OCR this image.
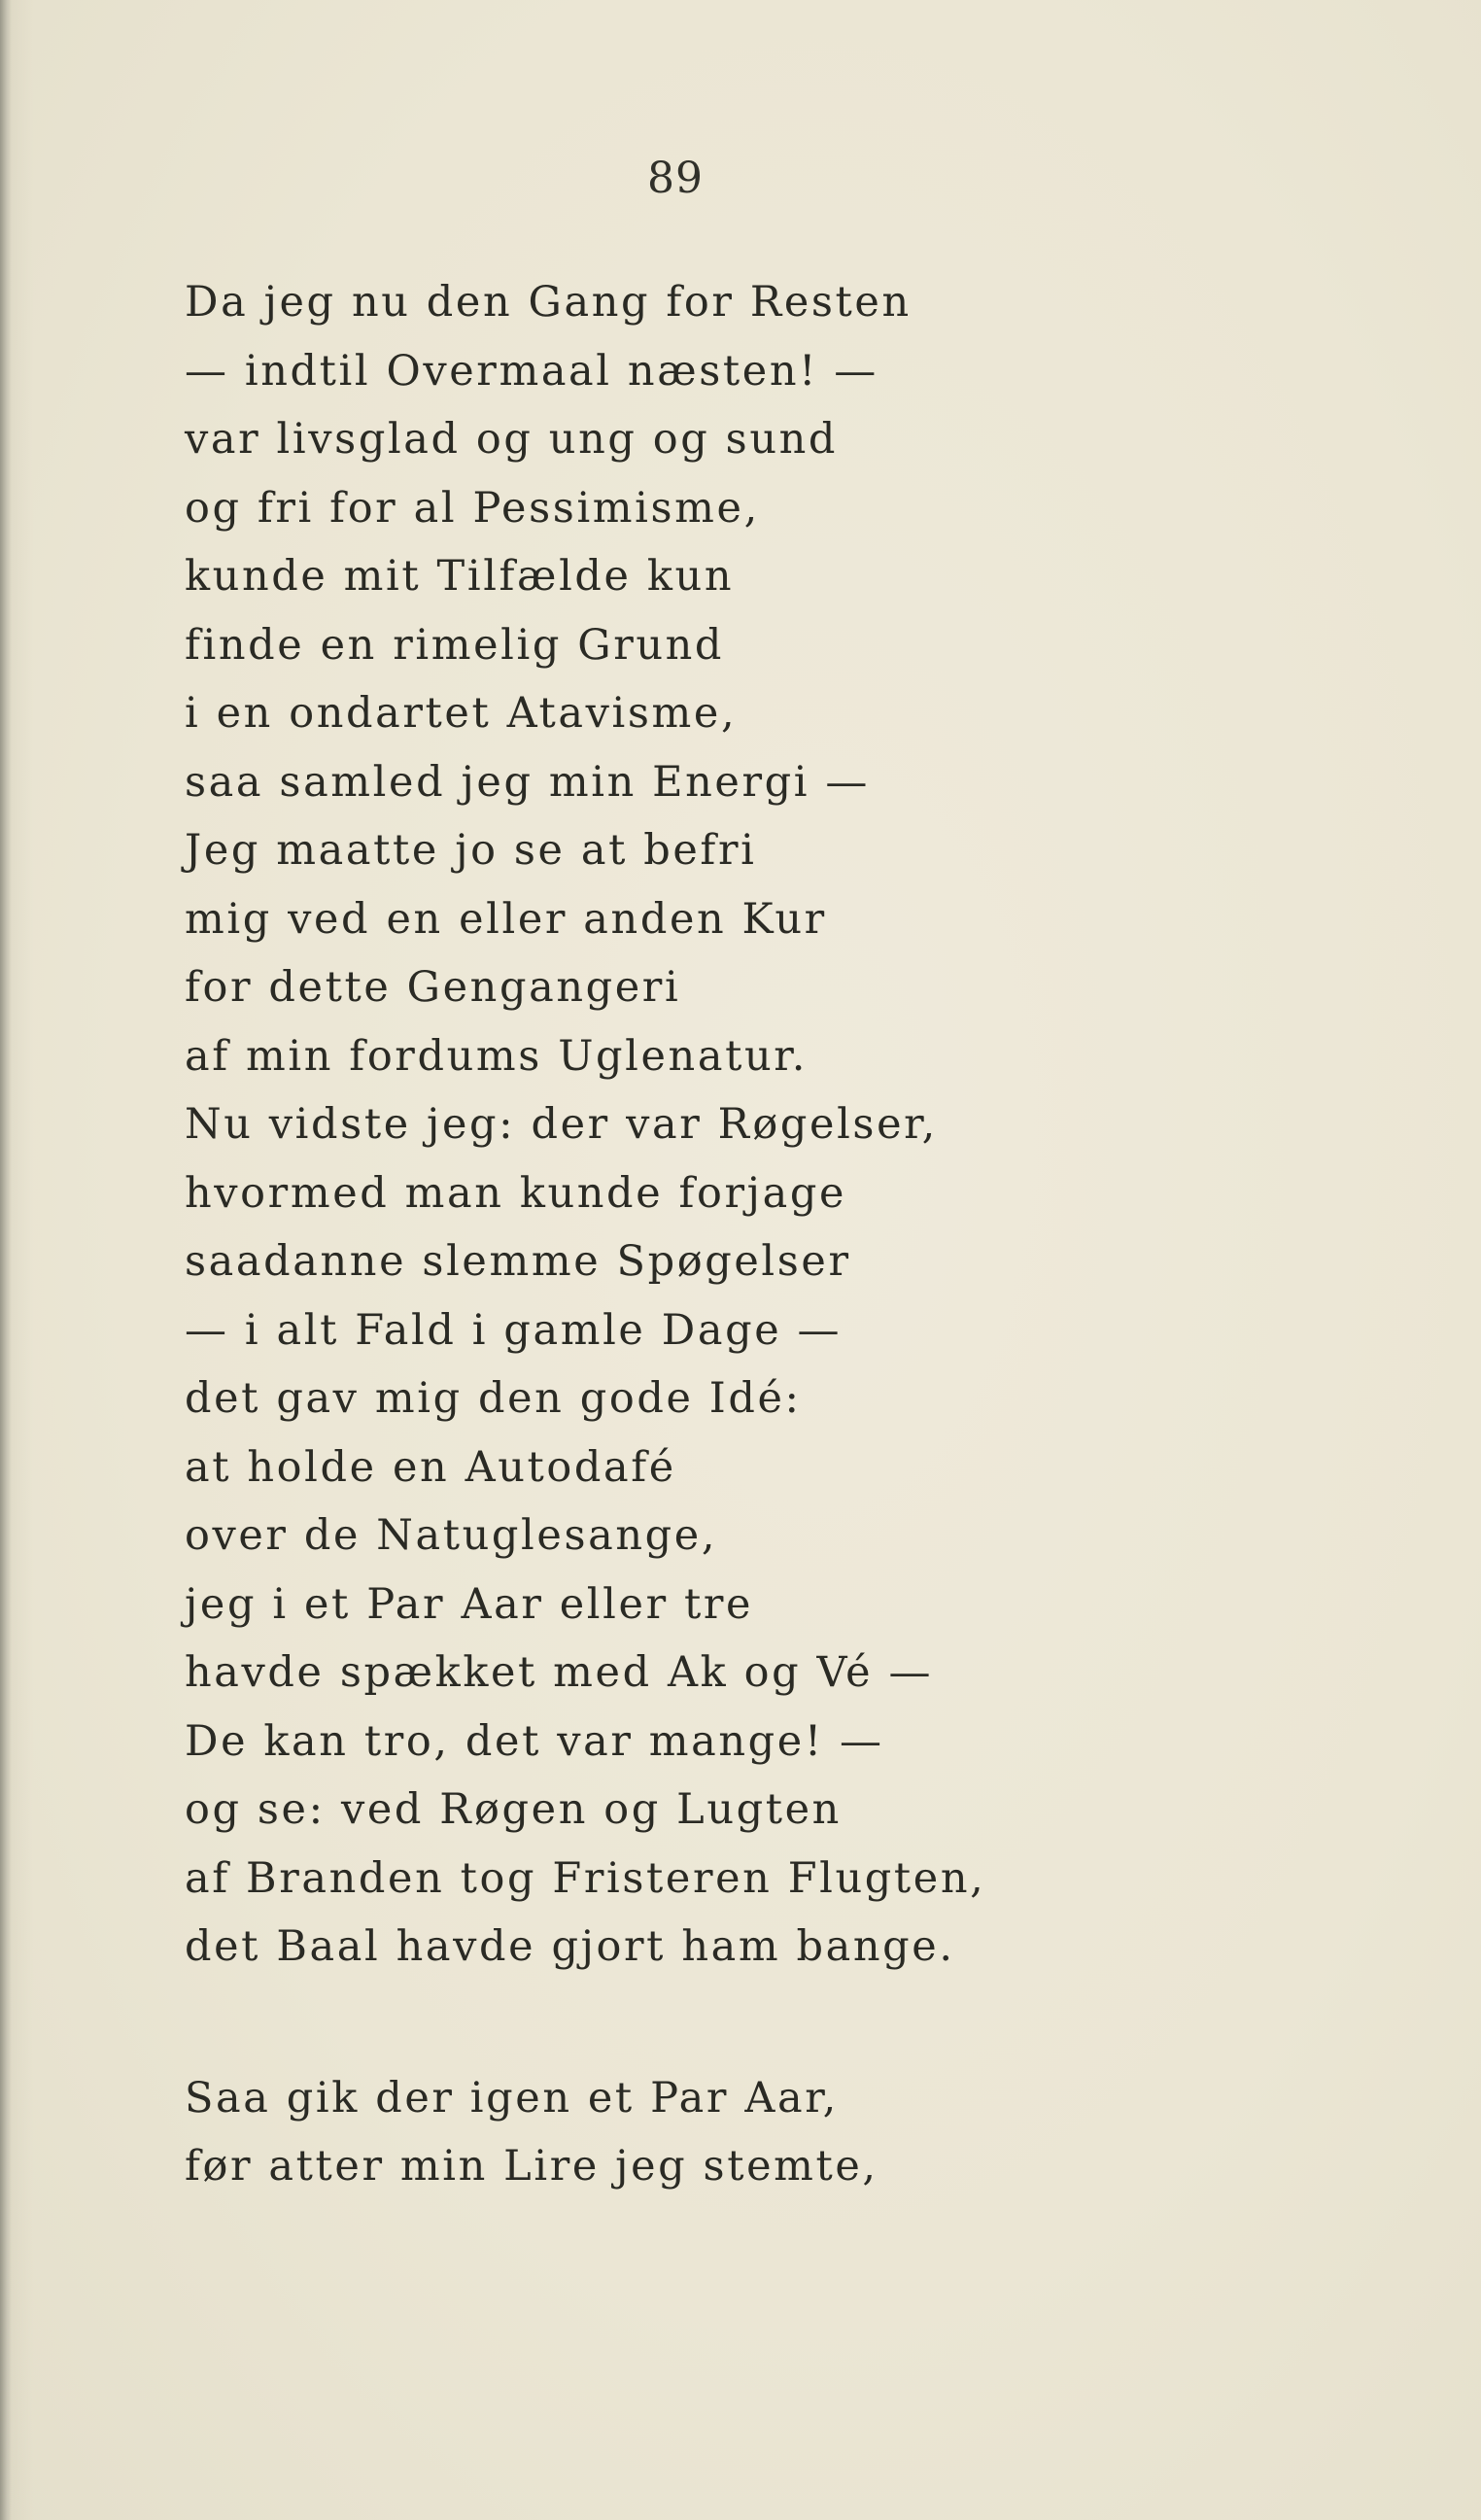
89
Da jeg nu den Gang for Resten
— indtil Overmaal næsten! —
var livsglad og ung og sund
og fri for al Pessimisme,
kunde mit Tilfælde kun
finde en rimelig Grund
i en ondartet Atavisme,
saa samled jeg min Energi —
Jeg maatte jo se at befri
mig ved en eller anden Kur
for dette Gengangeri
af min fordums Uglenatur.
Nu vidste jeg: der var Røgelser,
hvormed man kunde forjage
saadanne slemme Spøgelser
— i alt Fald i gamle Dage —
det gav mig den gode Idé:
at holde en Autodafé
over de Natuglesange,
jeg i et Par Aar eller tre
havde spækket med Ak og Vé —
De kan tro, det var mange! —
og se: ved Røgen og Lugten
af Branden tog Fristeren Flugten,
det Baal havde gjort ham bange.
Saa gik der igen et Par Aar,
før atter min Lire jeg stemte,
